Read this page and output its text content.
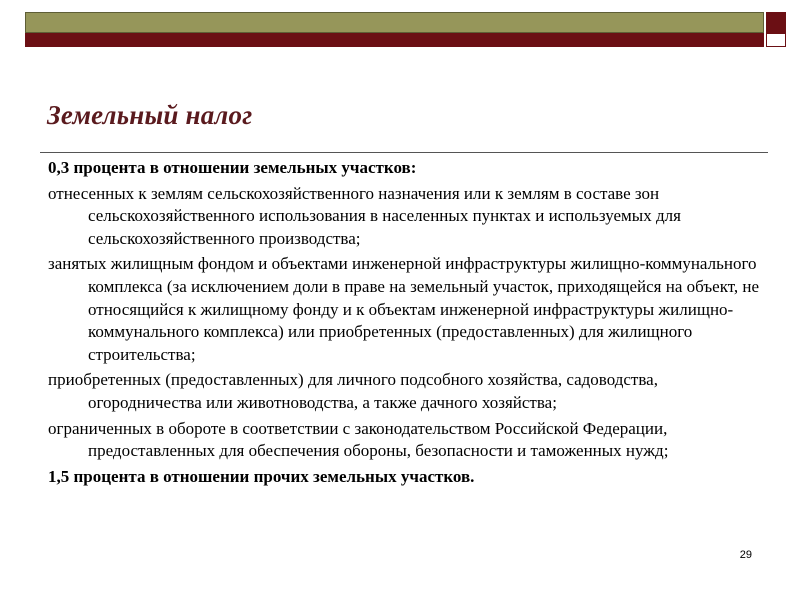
Земельный налог

0,3 процента в отношении земельных участков:

отнесенных к землям сельскохозяйственного назначения или к землям в составе зон сельскохозяйственного использования в населенных пунктах и используемых для сельскохозяйственного производства;

занятых жилищным фондом и объектами инженерной инфраструктуры жилищно-коммунального комплекса (за исключением доли в праве на земельный участок, приходящейся на объект, не относящийся к жилищному фонду и к объектам инженерной инфраструктуры жилищно-коммунального комплекса) или приобретенных (предоставленных) для жилищного строительства;

приобретенных (предоставленных) для личного подсобного хозяйства, садоводства, огородничества или животноводства, а также дачного хозяйства;

ограниченных в обороте в соответствии с законодательством Российской Федерации, предоставленных для обеспечения обороны, безопасности и таможенных нужд;

1,5 процента в отношении прочих земельных участков.

29
